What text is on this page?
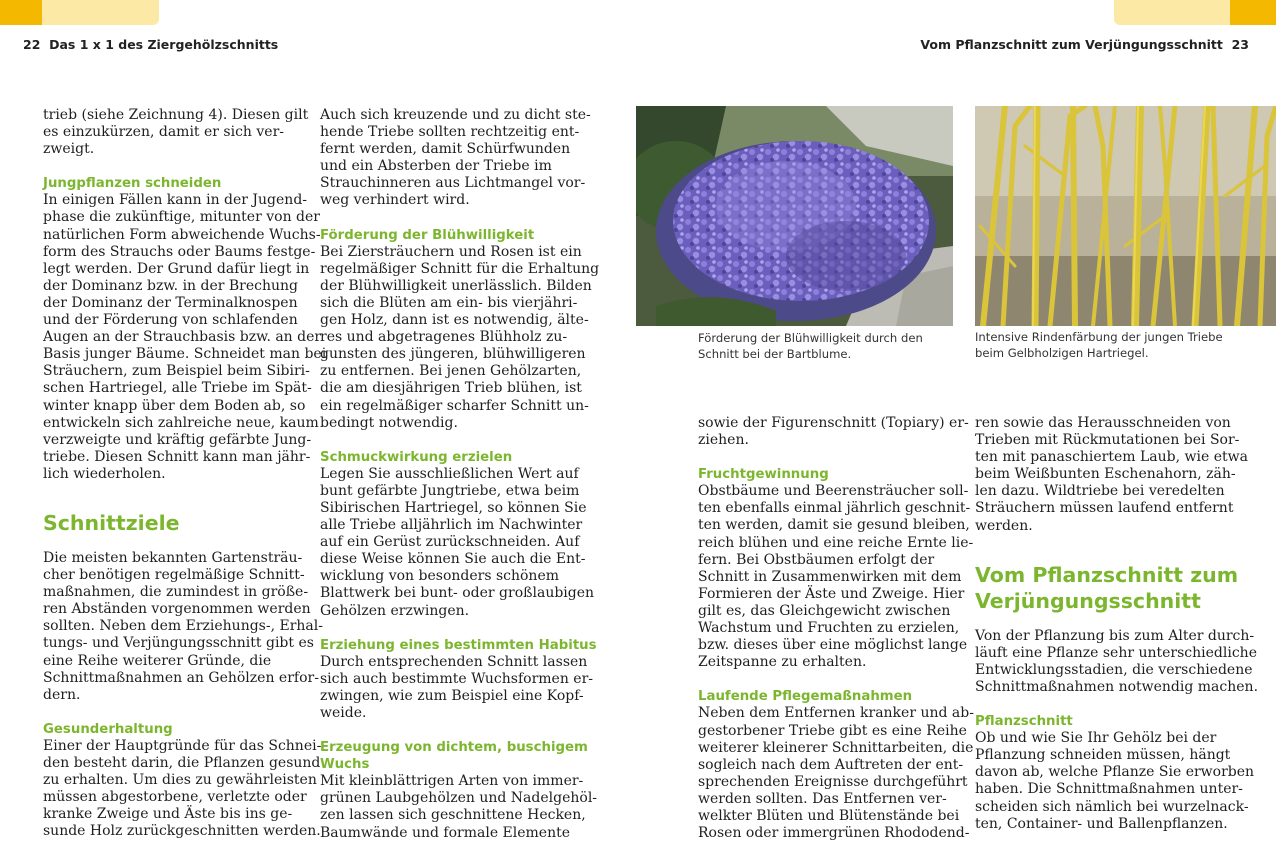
22 Das 1 x 1 des Ziergehölzschnitts	Vom Pflanzschnitt zum Verjüngungsschnitt 23

trieb (siehe Zeichnung 4). Diesen gilt
es einzukürzen, damit er sich ver-
zweigt.

Jungpflanzen schneiden

In einigen Fällen kann in der Jugend-
phase die zukünftige, mitunter von der
natürlichen Form abweichende Wuchs-
form des Strauchs oder Baums festge-
legt werden. Der Grund dafür liegt in
der Dominanz bzw. in der Brechung
der Dominanz der Terminalknospen
und der Förderung von schlafenden
Augen an der Strauchbasis bzw. an der
Basis junger Bäume. Schneidet man bei
Sträuchern, zum Beispiel beim Sibiri-
schen Hartriegel, alle Triebe im Spät-
winter knapp über dem Boden ab, so
entwickeln sich zahlreiche neue, kaum
verzweigte und kräftig gefärbte Jung-
triebe. Diesen Schnitt kann man jähr-
lich wiederholen.

Schnittziele

Die meisten bekannten Gartensträu-
cher benötigen regelmäßige Schnitt-
maßnahmen, die zumindest in größe-
ren Abständen vorgenommen werden
sollten. Neben dem Erziehungs-, Erhal-
tungs- und Verjüngungsschnitt gibt es
eine Reihe weiterer Gründe, die
Schnittmaßnahmen an Gehölzen erfor-
dern.

Gesunderhaltung

Einer der Hauptgründe für das Schnei-
den besteht darin, die Pflanzen gesund
zu erhalten. Um dies zu gewährleisten
müssen abgestorbene, verletzte oder
kranke Zweige und Äste bis ins ge-
sunde Holz zurückgeschnitten werden.

Auch sich kreuzende und zu dicht ste-
hende Triebe sollten rechtzeitig ent-
fernt werden, damit Schürfwunden
und ein Absterben der Triebe im
Strauchinneren aus Lichtmangel vor-
weg verhindert wird.

Förderung der Blühwilligkeit

Bei Ziersträuchern und Rosen ist ein
regelmäßiger Schnitt für die Erhaltung
der Blühwilligkeit unerlässlich. Bilden
sich die Blüten am ein- bis vierjähri-
gen Holz, dann ist es notwendig, älte-
res und abgetragenes Blühholz zu-
gunsten des jüngeren, blühwilligeren
zu entfernen. Bei jenen Gehölzarten,
die am diesjährigen Trieb blühen, ist
ein regelmäßiger scharfer Schnitt un-
bedingt notwendig.

Schmuckwirkung erzielen

Legen Sie ausschließlichen Wert auf
bunt gefärbte Jungtriebe, etwa beim
Sibirischen Hartriegel, so können Sie
alle Triebe alljährlich im Nachwinter
auf ein Gerüst zurückschneiden. Auf
diese Weise können Sie auch die Ent-
wicklung von besonders schönem
Blattwerk bei bunt- oder großlaubigen
Gehölzen erzwingen.

Erziehung eines bestimmten Habitus

Durch entsprechenden Schnitt lassen
sich auch bestimmte Wuchsformen er-
zwingen, wie zum Beispiel eine Kopf-
weide.

Erzeugung von dichtem, buschigem
Wuchs

Mit kleinblättrigen Arten von immer-
grünen Laubgehölzen und Nadelgehöl-
zen lassen sich geschnittene Hecken,
Baumwände und formale Elemente

Förderung der Blühwilligkeit durch den
Schnitt bei der Bartblume.
Intensive Rindenfärbung der jungen Triebe
beim Gelbholzigen Hartriegel.

sowie der Figurenschnitt (Topiary) er-
ziehen.

Fruchtgewinnung

Obstbäume und Beerensträucher soll-
ten ebenfalls einmal jährlich geschnit-
ten werden, damit sie gesund bleiben,
reich blühen und eine reiche Ernte lie-
fern. Bei Obstbäumen erfolgt der
Schnitt in Zusammenwirken mit dem
Formieren der Äste und Zweige. Hier
gilt es, das Gleichgewicht zwischen
Wachstum und Fruchten zu erzielen,
bzw. dieses über eine möglichst lange
Zeitspanne zu erhalten.

Laufende Pflegemaßnahmen

Neben dem Entfernen kranker und ab-
gestorbener Triebe gibt es eine Reihe
weiterer kleinerer Schnittarbeiten, die
sogleich nach dem Auftreten der ent-
sprechenden Ereignisse durchgeführt
werden sollten. Das Entfernen ver-
welkter Blüten und Blütenstände bei
Rosen oder immergrünen Rhododend-

ren sowie das Herausschneiden von
Trieben mit Rückmutationen bei Sor-
ten mit panaschiertem Laub, wie etwa
beim Weißbunten Eschenahorn, zäh-
len dazu. Wildtriebe bei veredelten
Sträuchern müssen laufend entfernt
werden.

Vom Pflanzschnitt zum
Verjüngungsschnitt

Von der Pflanzung bis zum Alter durch-
läuft eine Pflanze sehr unterschiedliche
Entwicklungsstadien, die verschiedene
Schnittmaßnahmen notwendig machen.

Pflanzschnitt

Ob und wie Sie Ihr Gehölz bei der
Pflanzung schneiden müssen, hängt
davon ab, welche Pflanze Sie erworben
haben. Die Schnittmaßnahmen unter-
scheiden sich nämlich bei wurzelnack-
ten, Container- und Ballenpflanzen.
